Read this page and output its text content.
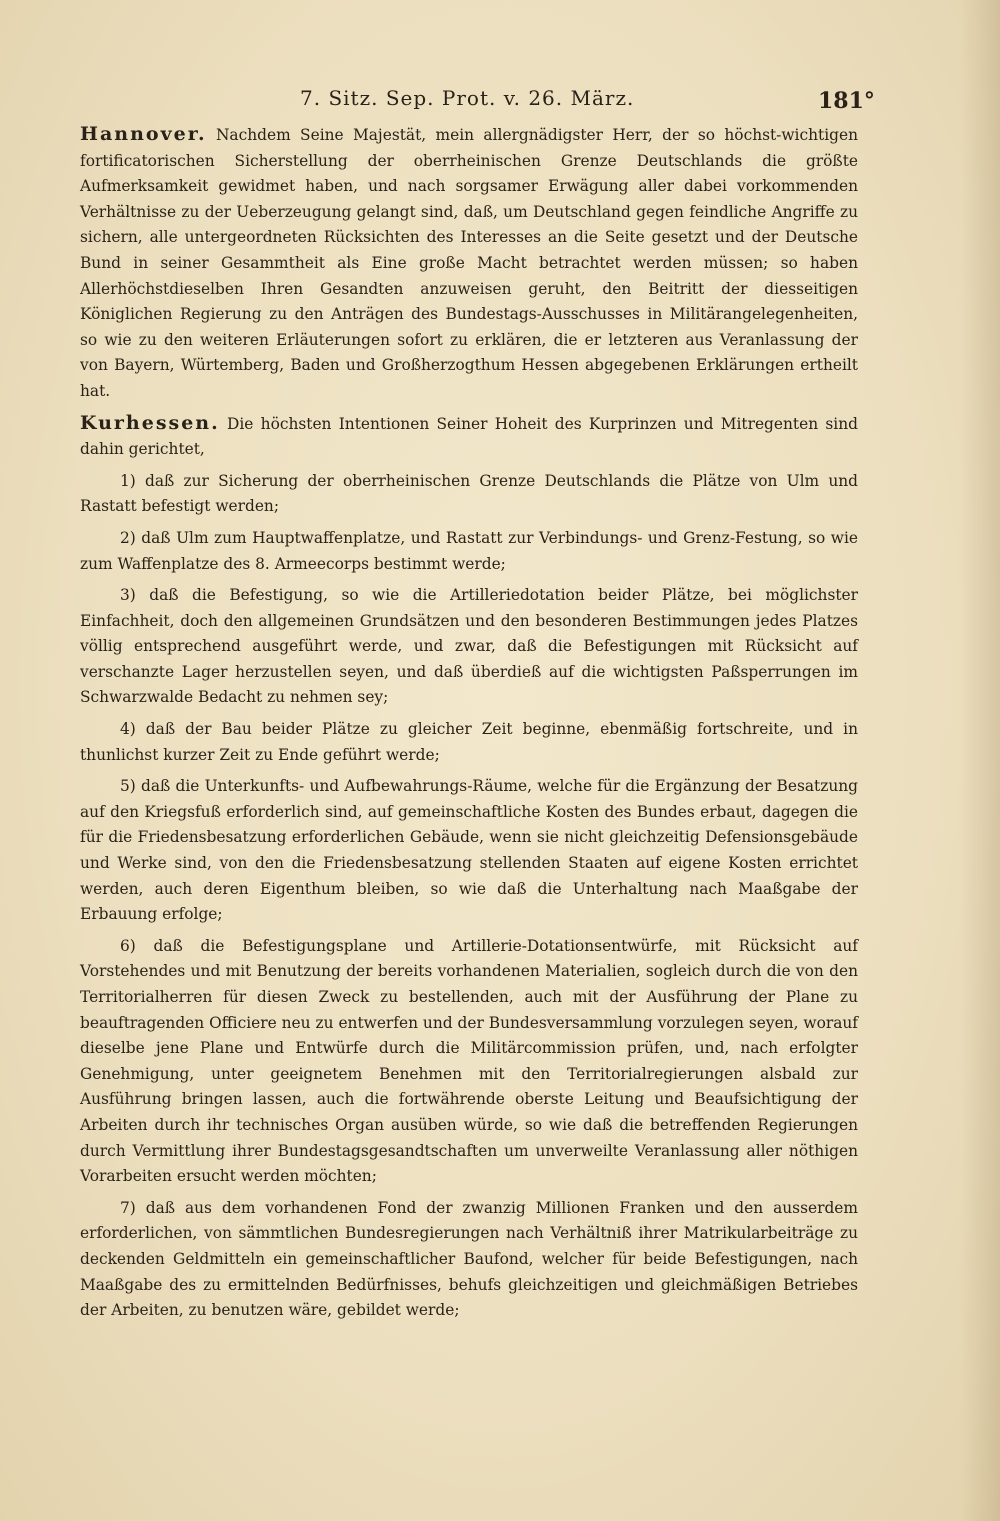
7. Sitz. Sep. Prot. v. 26. März.	181°

Hannover. Nachdem Seine Majestät, mein allergnädigster Herr, der so höchst-wichtigen fortificatorischen Sicherstellung der oberrheinischen Grenze Deutschlands die größte Aufmerksamkeit gewidmet haben, und nach sorgsamer Erwägung aller dabei vorkommenden Verhältnisse zu der Ueberzeugung gelangt sind, daß, um Deutschland gegen feindliche Angriffe zu sichern, alle untergeordneten Rücksichten des Interesses an die Seite gesetzt und der Deutsche Bund in seiner Gesammtheit als Eine große Macht betrachtet werden müssen; so haben Allerhöchstdieselben Ihren Gesandten anzuweisen geruht, den Beitritt der diesseitigen Königlichen Regierung zu den Anträgen des Bundestags-Ausschusses in Militärangelegenheiten, so wie zu den weiteren Erläuterungen sofort zu erklären, die er letzteren aus Veranlassung der von Bayern, Würtemberg, Baden und Großherzogthum Hessen abgegebenen Erklärungen ertheilt hat.

Kurhessen. Die höchsten Intentionen Seiner Hoheit des Kurprinzen und Mitregenten sind dahin gerichtet,

1) daß zur Sicherung der oberrheinischen Grenze Deutschlands die Plätze von Ulm und Rastatt befestigt werden;

2) daß Ulm zum Hauptwaffenplatze, und Rastatt zur Verbindungs- und Grenz-Festung, so wie zum Waffenplatze des 8. Armeecorps bestimmt werde;

3) daß die Befestigung, so wie die Artilleriedotation beider Plätze, bei möglichster Einfachheit, doch den allgemeinen Grundsätzen und den besonderen Bestimmungen jedes Platzes völlig entsprechend ausgeführt werde, und zwar, daß die Befestigungen mit Rücksicht auf verschanzte Lager herzustellen seyen, und daß überdieß auf die wichtigsten Paßsperrungen im Schwarzwalde Bedacht zu nehmen sey;

4) daß der Bau beider Plätze zu gleicher Zeit beginne, ebenmäßig fortschreite, und in thunlichst kurzer Zeit zu Ende geführt werde;

5) daß die Unterkunfts- und Aufbewahrungs-Räume, welche für die Ergänzung der Besatzung auf den Kriegsfuß erforderlich sind, auf gemeinschaftliche Kosten des Bundes erbaut, dagegen die für die Friedensbesatzung erforderlichen Gebäude, wenn sie nicht gleichzeitig Defensionsgebäude und Werke sind, von den die Friedensbesatzung stellenden Staaten auf eigene Kosten errichtet werden, auch deren Eigenthum bleiben, so wie daß die Unterhaltung nach Maaßgabe der Erbauung erfolge;

6) daß die Befestigungsplane und Artillerie-Dotationsentwürfe, mit Rücksicht auf Vorstehendes und mit Benutzung der bereits vorhandenen Materialien, sogleich durch die von den Territorialherren für diesen Zweck zu bestellenden, auch mit der Ausführung der Plane zu beauftragenden Officiere neu zu entwerfen und der Bundesversammlung vorzulegen seyen, worauf dieselbe jene Plane und Entwürfe durch die Militärcommission prüfen, und, nach erfolgter Genehmigung, unter geeignetem Benehmen mit den Territorialregierungen alsbald zur Ausführung bringen lassen, auch die fortwährende oberste Leitung und Beaufsichtigung der Arbeiten durch ihr technisches Organ ausüben würde, so wie daß die betreffenden Regierungen durch Vermittlung ihrer Bundestagsgesandtschaften um unverweilte Veranlassung aller nöthigen Vorarbeiten ersucht werden möchten;

7) daß aus dem vorhandenen Fond der zwanzig Millionen Franken und den ausserdem erforderlichen, von sämmtlichen Bundesregierungen nach Verhältniß ihrer Matrikularbeiträge zu deckenden Geldmitteln ein gemeinschaftlicher Baufond, welcher für beide Befestigungen, nach Maaßgabe des zu ermittelnden Bedürfnisses, behufs gleichzeitigen und gleichmäßigen Betriebes der Arbeiten, zu benutzen wäre, gebildet werde;
